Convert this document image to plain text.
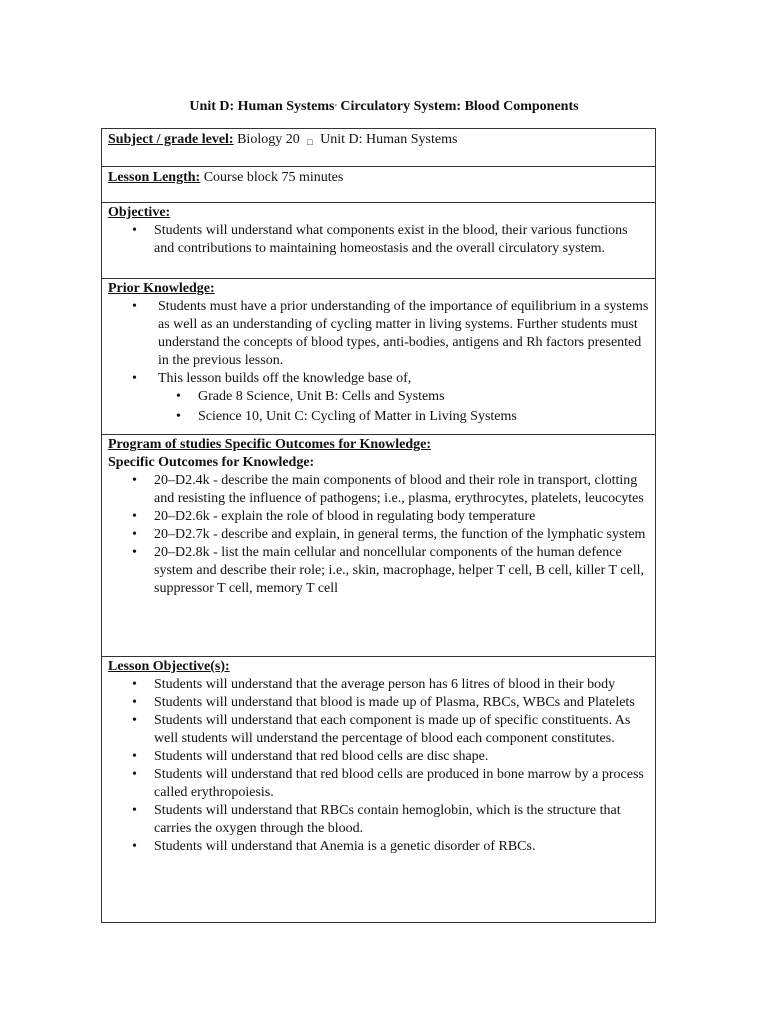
Unit D: Human Systems⸲ Circulatory System: Blood Components
Subject / grade level: Biology 20 □ Unit D: Human Systems
Lesson Length: Course block 75 minutes

Objective:
• Students will understand what components exist in the blood, their various functions and contributions to maintaining homeostasis and the overall circulatory system.

Prior Knowledge:
• Students must have a prior understanding of the importance of equilibrium in a systems as well as an understanding of cycling matter in living systems. Further students must understand the concepts of blood types, anti-bodies, antigens and Rh factors presented in the previous lesson.
• This lesson builds off the knowledge base of,
• Grade 8 Science, Unit B: Cells and Systems
• Science 10, Unit C: Cycling of Matter in Living Systems

Program of studies Specific Outcomes for Knowledge:
Specific Outcomes for Knowledge:
• 20–D2.4k - describe the main components of blood and their role in transport, clotting and resisting the influence of pathogens; i.e., plasma, erythrocytes, platelets, leucocytes
• 20–D2.6k - explain the role of blood in regulating body temperature
• 20–D2.7k - describe and explain, in general terms, the function of the lymphatic system
• 20–D2.8k - list the main cellular and noncellular components of the human defence system and describe their role; i.e., skin, macrophage, helper T cell, B cell, killer T cell, suppressor T cell, memory T cell

Lesson Objective(s):
• Students will understand that the average person has 6 litres of blood in their body
• Students will understand that blood is made up of Plasma, RBCs, WBCs and Platelets
• Students will understand that each component is made up of specific constituents. As well students will understand the percentage of blood each component constitutes.
• Students will understand that red blood cells are disc shape.
• Students will understand that red blood cells are produced in bone marrow by a process called erythropoiesis.
• Students will understand that RBCs contain hemoglobin, which is the structure that carries the oxygen through the blood.
• Students will understand that Anemia is a genetic disorder of RBCs.
